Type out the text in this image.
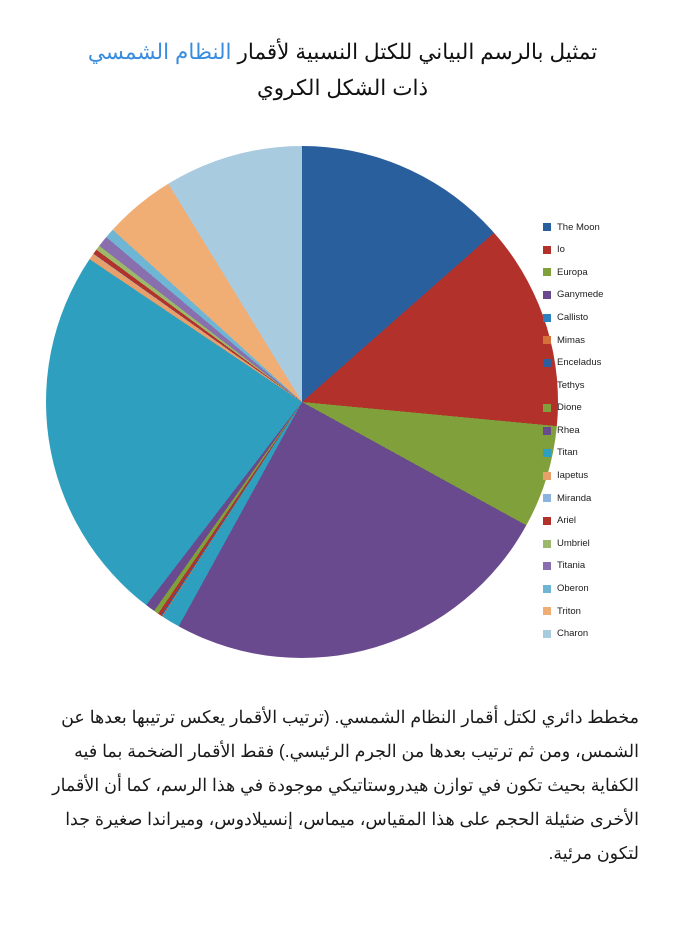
تمثيل بالرسم البياني للكتل النسبية لأقمار النظام الشمسي
ذات الشكل الكروي
The Moon
Io
Europa
Ganymede
Callisto
Mimas
Enceladus
Tethys
Dione
Rhea
Titan
Iapetus
Miranda
Ariel
Umbriel
Titania
Oberon
Triton
Charon
مخطط دائري لكتل أقمار النظام الشمسي. (ترتيب الأقمار يعكس ترتيبها بعدها عن الشمس، ومن ثم ترتيب بعدها من الجرم الرئيسي.) فقط الأقمار الضخمة بما فيه الكفاية بحيث تكون في توازن هيدروستاتيكي موجودة في هذا الرسم، كما أن الأقمار الأخرى ضئيلة الحجم على هذا المقياس، ميماس، إنسيلادوس، وميراندا صغيرة جدا لتكون مرئية.
